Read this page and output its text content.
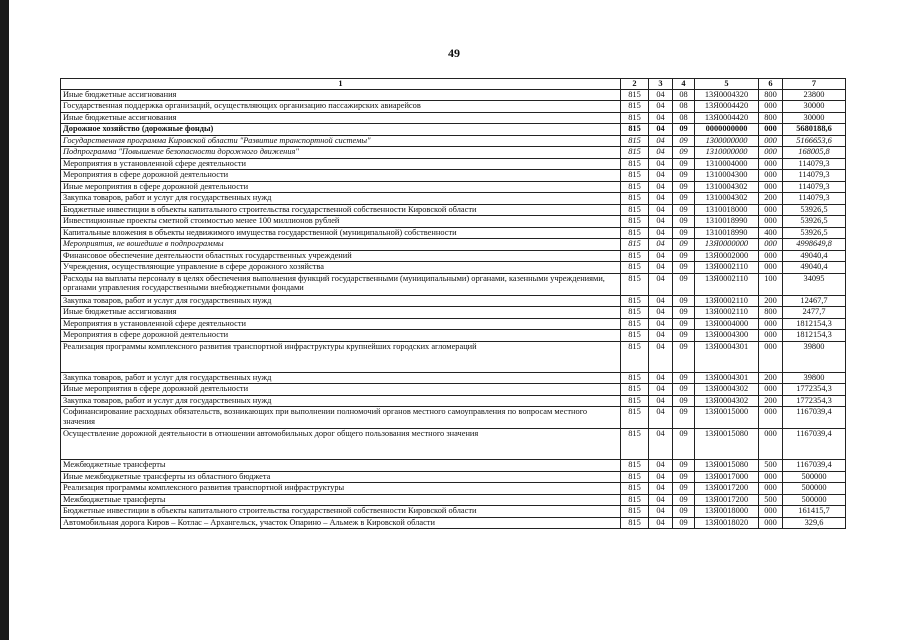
49
1	2	3	4	5	6	7
Иные бюджетные ассигнования	815	04	08	13Я0004320	800	23800
Государственная поддержка организаций, осуществляющих организацию пассажирских авиарейсов	815	04	08	13Я0004420	000	30000
Иные бюджетные ассигнования	815	04	08	13Я0004420	800	30000
Дорожное хозяйство (дорожные фонды)	815	04	09	0000000000	000	5680188,6
Государственная программа Кировской области "Развитие транспортной системы"	815	04	09	1300000000	000	5166653,6
Подпрограмма "Повышение безопасности дорожного движения"	815	04	09	1310000000	000	168005,8
Мероприятия в установленной сфере деятельности	815	04	09	1310004000	000	114079,3
Мероприятия в сфере дорожной деятельности	815	04	09	1310004300	000	114079,3
Иные мероприятия в сфере дорожной деятельности	815	04	09	1310004302	000	114079,3
Закупка товаров, работ и услуг для государственных нужд	815	04	09	1310004302	200	114079,3
Бюджетные инвестиции в объекты капитального строительства государственной собственности Кировской области	815	04	09	1310018000	000	53926,5
Инвестиционные проекты сметной стоимостью менее 100 миллионов рублей	815	04	09	1310018990	000	53926,5
Капитальные вложения в объекты недвижимого имущества государственной (муниципальной) собственности	815	04	09	1310018990	400	53926,5
Мероприятия, не вошедшие в подпрограммы	815	04	09	13Я0000000	000	4998649,8
Финансовое обеспечение деятельности областных государственных учреждений	815	04	09	13Я0002000	000	49040,4
Учреждения, осуществляющие управление в сфере дорожного хозяйства	815	04	09	13Я0002110	000	49040,4
Расходы на выплаты персоналу в целях обеспечения выполнения функций государственными (муниципальными) органами, казенными учреждениями, органами управления государственными внебюджетными фондами	815	04	09	13Я0002110	100	34095
Закупка товаров, работ и услуг для государственных нужд	815	04	09	13Я0002110	200	12467,7
Иные бюджетные ассигнования	815	04	09	13Я0002110	800	2477,7
Мероприятия в установленной сфере деятельности	815	04	09	13Я0004000	000	1812154,3
Мероприятия в сфере дорожной деятельности	815	04	09	13Я0004300	000	1812154,3
Реализация программы комплексного развития транспортной инфраструктуры крупнейших городских агломераций	815	04	09	13Я0004301	000	39800
Закупка товаров, работ и услуг для государственных нужд	815	04	09	13Я0004301	200	39800
Иные мероприятия в сфере дорожной деятельности	815	04	09	13Я0004302	000	1772354,3
Закупка товаров, работ и услуг для государственных нужд	815	04	09	13Я0004302	200	1772354,3
Софинансирование расходных обязательств, возникающих при выполнении полномочий органов местного самоуправления по вопросам местного значения	815	04	09	13Я0015000	000	1167039,4
Осуществление дорожной деятельности в отношении автомобильных дорог общего пользования местного значения	815	04	09	13Я0015080	000	1167039,4
Межбюджетные трансферты	815	04	09	13Я0015080	500	1167039,4
Иные межбюджетные трансферты из областного бюджета	815	04	09	13Я0017000	000	500000
Реализация программы комплексного развития транспортной инфраструктуры	815	04	09	13Я0017200	000	500000
Межбюджетные трансферты	815	04	09	13Я0017200	500	500000
Бюджетные инвестиции в объекты капитального строительства государственной собственности Кировской области	815	04	09	13Я0018000	000	161415,7
Автомобильная дорога Киров – Котлас – Архангельск, участок Опарино – Альмеж в Кировской области	815	04	09	13Я0018020	000	329,6
